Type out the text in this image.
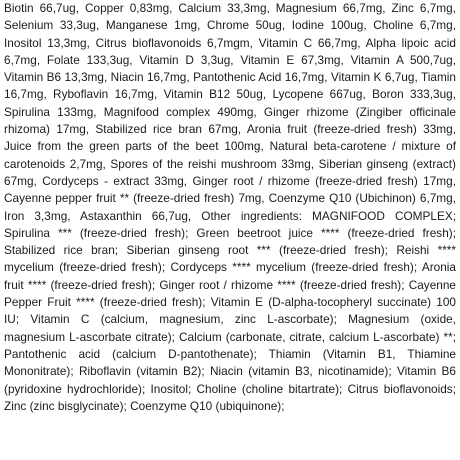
Biotin 66,7ug, Copper 0,83mg, Calcium 33,3mg, Magnesium 66,7mg, Zinc 6,7mg, Selenium 33,3ug, Manganese 1mg, Chrome 50ug, Iodine 100ug, Choline 6,7mg, Inositol 13,3mg, Citrus bioflavonoids 6,7mgm, Vitamin C 66,7mg, Alpha lipoic acid 6,7mg, Folate 133,3ug, Vitamin D 3,3ug, Vitamin E 67,3mg, Vitamin A 500,7ug, Vitamin B6 13,3mg, Niacin 16,7mg, Pantothenic Acid 16,7mg, Vitamin K 6,7ug, Tiamin 16,7mg, Ryboflavin 16,7mg, Vitamin B12 50ug, Lycopene 667ug, Boron 333,3ug, Spirulina 133mg, Magnifood complex 490mg, Ginger rhizome (Zingiber officinale rhizoma) 17mg, Stabilized rice bran 67mg, Aronia fruit (freeze-dried fresh) 33mg, Juice from the green parts of the beet 100mg, Natural beta-carotene / mixture of carotenoids 2,7mg, Spores of the reishi mushroom 33mg, Siberian ginseng (extract) 67mg, Cordyceps - extract 33mg, Ginger root / rhizome (freeze-dried fresh) 17mg, Cayenne pepper fruit ** (freeze-dried fresh) 7mg, Coenzyme Q10 (Ubichinon) 6,7mg, Iron 3,3mg, Astaxanthin 66,7ug, Other ingredients: MAGNIFOOD COMPLEX; Spirulina *** (freeze-dried fresh); Green beetroot juice **** (freeze-dried fresh); Stabilized rice bran; Siberian ginseng root *** (freeze-dried fresh); Reishi **** mycelium (freeze-dried fresh); Cordyceps **** mycelium (freeze-dried fresh); Aronia fruit **** (freeze-dried fresh); Ginger root / rhizome **** (freeze-dried fresh); Cayenne Pepper Fruit **** (freeze-dried fresh); Vitamin E (D-alpha-tocopheryl succinate) 100 IU; Vitamin C (calcium, magnesium, zinc L-ascorbate); Magnesium (oxide, magnesium L-ascorbate citrate); Calcium (carbonate, citrate, calcium L-ascorbate) **; Pantothenic acid (calcium D-pantothenate); Thiamin (Vitamin B1, Thiamine Mononitrate); Riboflavin (vitamin B2); Niacin (vitamin B3, nicotinamide); Vitamin B6 (pyridoxine hydrochloride); Inositol; Choline (choline bitartrate); Citrus bioflavonoids; Zinc (zinc bisglycinate); Coenzyme Q10 (ubiquinone);
